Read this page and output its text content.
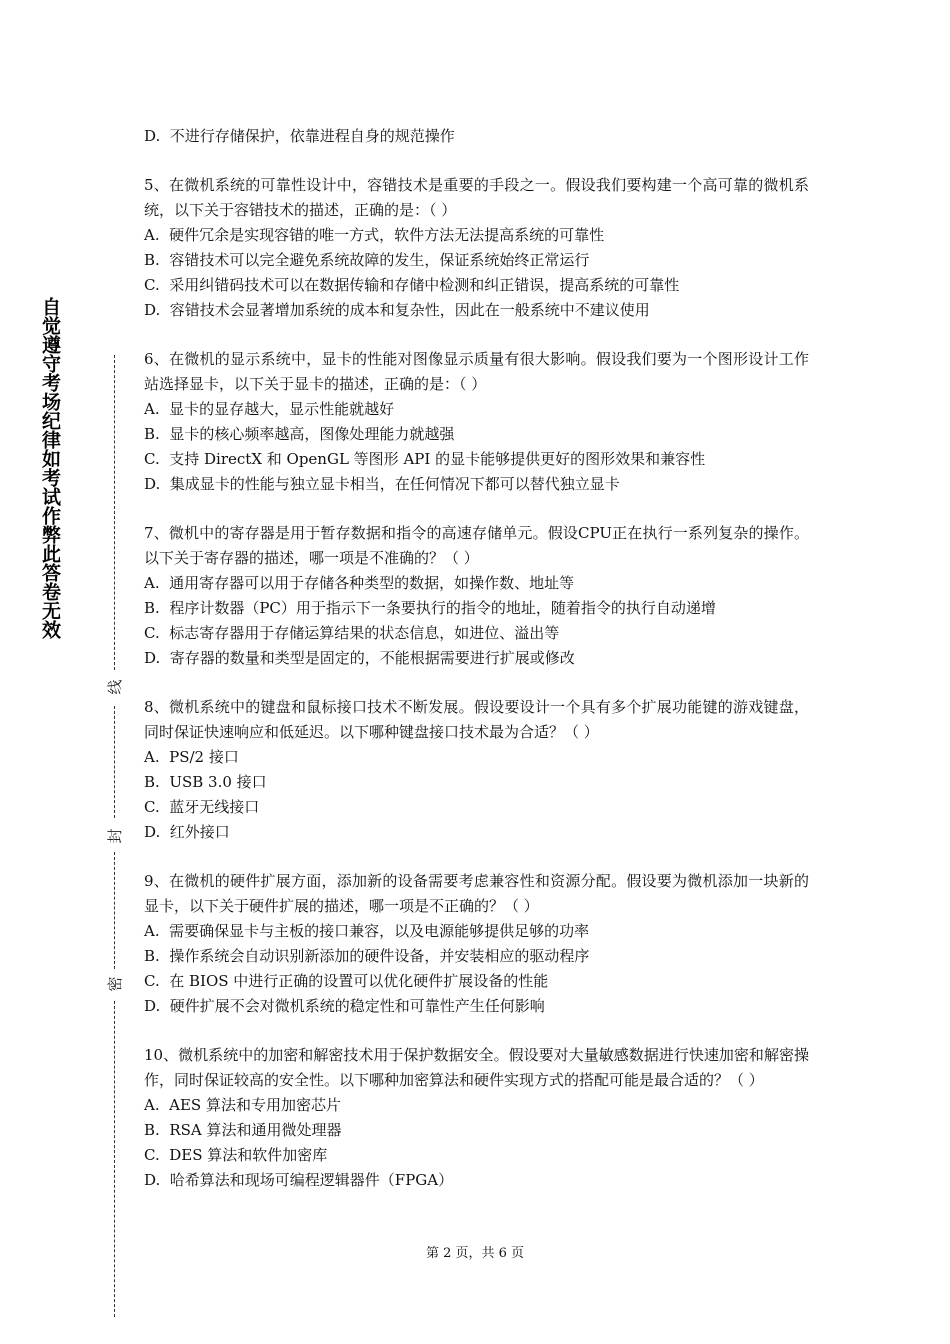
自觉遵守考场纪律如考试作弊此答卷无效
线
封
密
D.  不进行存储保护，依靠进程自身的规范操作
5、在微机系统的可靠性设计中，容错技术是重要的手段之一。假设我们要构建一个高可靠的微机系统，以下关于容错技术的描述，正确的是：（ ）
A.  硬件冗余是实现容错的唯一方式，软件方法无法提高系统的可靠性
B.  容错技术可以完全避免系统故障的发生，保证系统始终正常运行
C.  采用纠错码技术可以在数据传输和存储中检测和纠正错误，提高系统的可靠性
D.  容错技术会显著增加系统的成本和复杂性，因此在一般系统中不建议使用
6、在微机的显示系统中，显卡的性能对图像显示质量有很大影响。假设我们要为一个图形设计工作站选择显卡，以下关于显卡的描述，正确的是：（ ）
A.  显卡的显存越大，显示性能就越好
B.  显卡的核心频率越高，图像处理能力就越强
C.  支持 DirectX 和 OpenGL 等图形 API 的显卡能够提供更好的图形效果和兼容性
D.  集成显卡的性能与独立显卡相当，在任何情况下都可以替代独立显卡
7、微机中的寄存器是用于暂存数据和指令的高速存储单元。假设CPU正在执行一系列复杂的操作。以下关于寄存器的描述，哪一项是不准确的？（ ）
A.  通用寄存器可以用于存储各种类型的数据，如操作数、地址等
B.  程序计数器（PC）用于指示下一条要执行的指令的地址，随着指令的执行自动递增
C.  标志寄存器用于存储运算结果的状态信息，如进位、溢出等
D.  寄存器的数量和类型是固定的，不能根据需要进行扩展或修改
8、微机系统中的键盘和鼠标接口技术不断发展。假设要设计一个具有多个扩展功能键的游戏键盘，同时保证快速响应和低延迟。以下哪种键盘接口技术最为合适？（ ）
A.  PS/2 接口
B.  USB 3.0 接口
C.  蓝牙无线接口
D.  红外接口
9、在微机的硬件扩展方面，添加新的设备需要考虑兼容性和资源分配。假设要为微机添加一块新的显卡，以下关于硬件扩展的描述，哪一项是不正确的？（ ）
A.  需要确保显卡与主板的接口兼容，以及电源能够提供足够的功率
B.  操作系统会自动识别新添加的硬件设备，并安装相应的驱动程序
C.  在 BIOS 中进行正确的设置可以优化硬件扩展设备的性能
D.  硬件扩展不会对微机系统的稳定性和可靠性产生任何影响
10、微机系统中的加密和解密技术用于保护数据安全。假设要对大量敏感数据进行快速加密和解密操作，同时保证较高的安全性。以下哪种加密算法和硬件实现方式的搭配可能是最合适的？（ ）
A.  AES 算法和专用加密芯片
B.  RSA 算法和通用微处理器
C.  DES 算法和软件加密库
D.  哈希算法和现场可编程逻辑器件（FPGA）
第 2 页，共 6 页
